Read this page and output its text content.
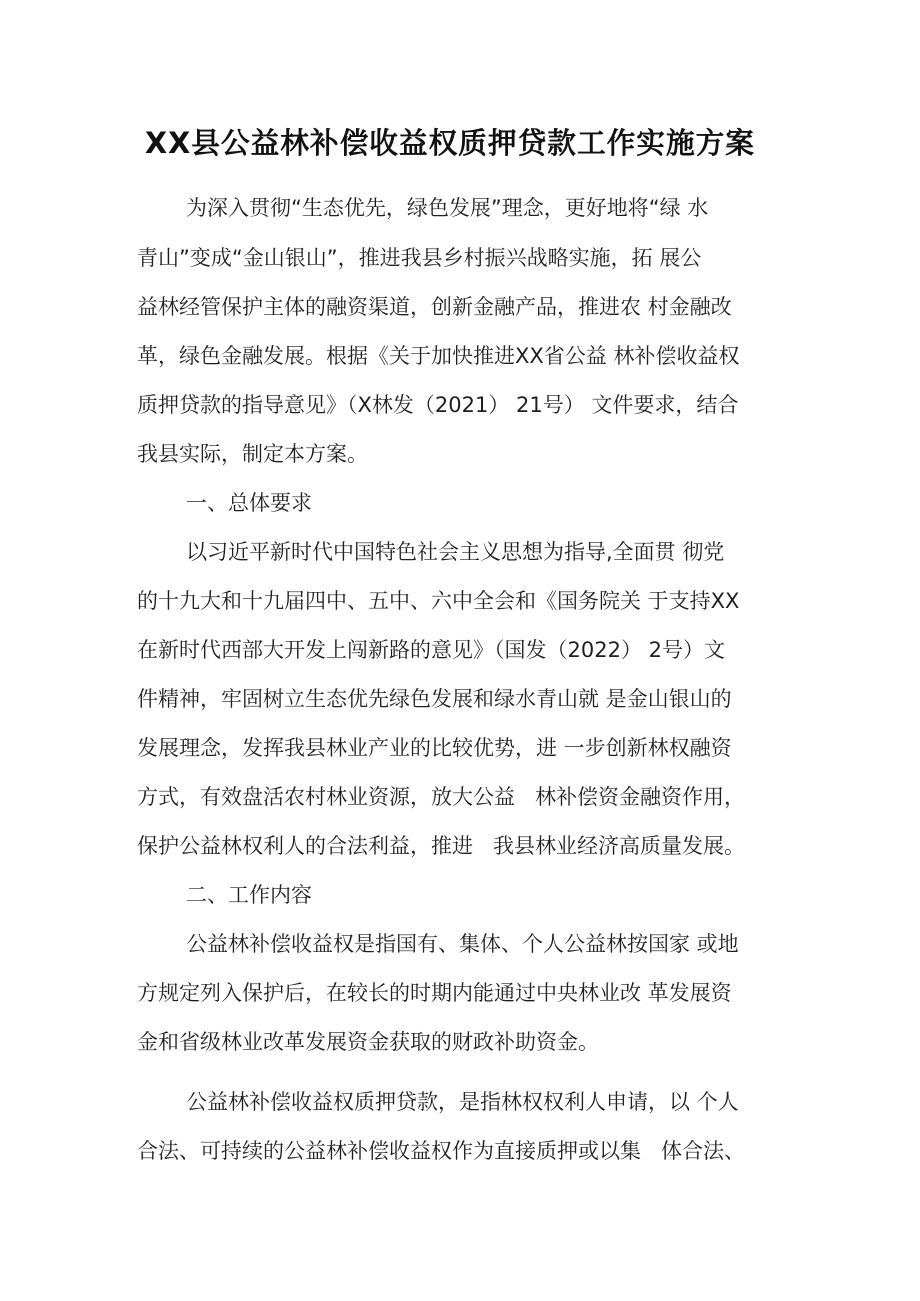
XX县公益林补偿收益权质押贷款工作实施方案
为深入贯彻“生态优先，绿色发展”理念，更好地将“绿 水
青山”变成“金山银山”，推进我县乡村振兴战略实施，拓 展公
益林经管保护主体的融资渠道，创新金融产品，推进农 村金融改
革，绿色金融发展。根据《关于加快推进XX省公益 林补偿收益权
质押贷款的指导意见》（X林发（2021） 21号） 文件要求，结合
我县实际，制定本方案。
一、总体要求
以习近平新时代中国特色社会主义思想为指导,全面贯 彻党
的十九大和十九届四中、五中、六中全会和《国务院关 于支持XX
在新时代西部大开发上闯新路的意见》（国发（2022） 2号）文
件精神，牢固树立生态优先绿色发展和绿水青山就 是金山银山的
发展理念，发挥我县林业产业的比较优势，进 一步创新林权融资
方式，有效盘活农村林业资源，放大公益   林补偿资金融资作用，
保护公益林权利人的合法利益，推进   我县林业经济高质量发展。
二、工作内容
公益林补偿收益权是指国有、集体、个人公益林按国家 或地
方规定列入保护后，在较长的时期内能通过中央林业改 革发展资
金和省级林业改革发展资金获取的财政补助资金。
公益林补偿收益权质押贷款，是指林权权利人申请，以 个人
合法、可持续的公益林补偿收益权作为直接质押或以集   体合法、
